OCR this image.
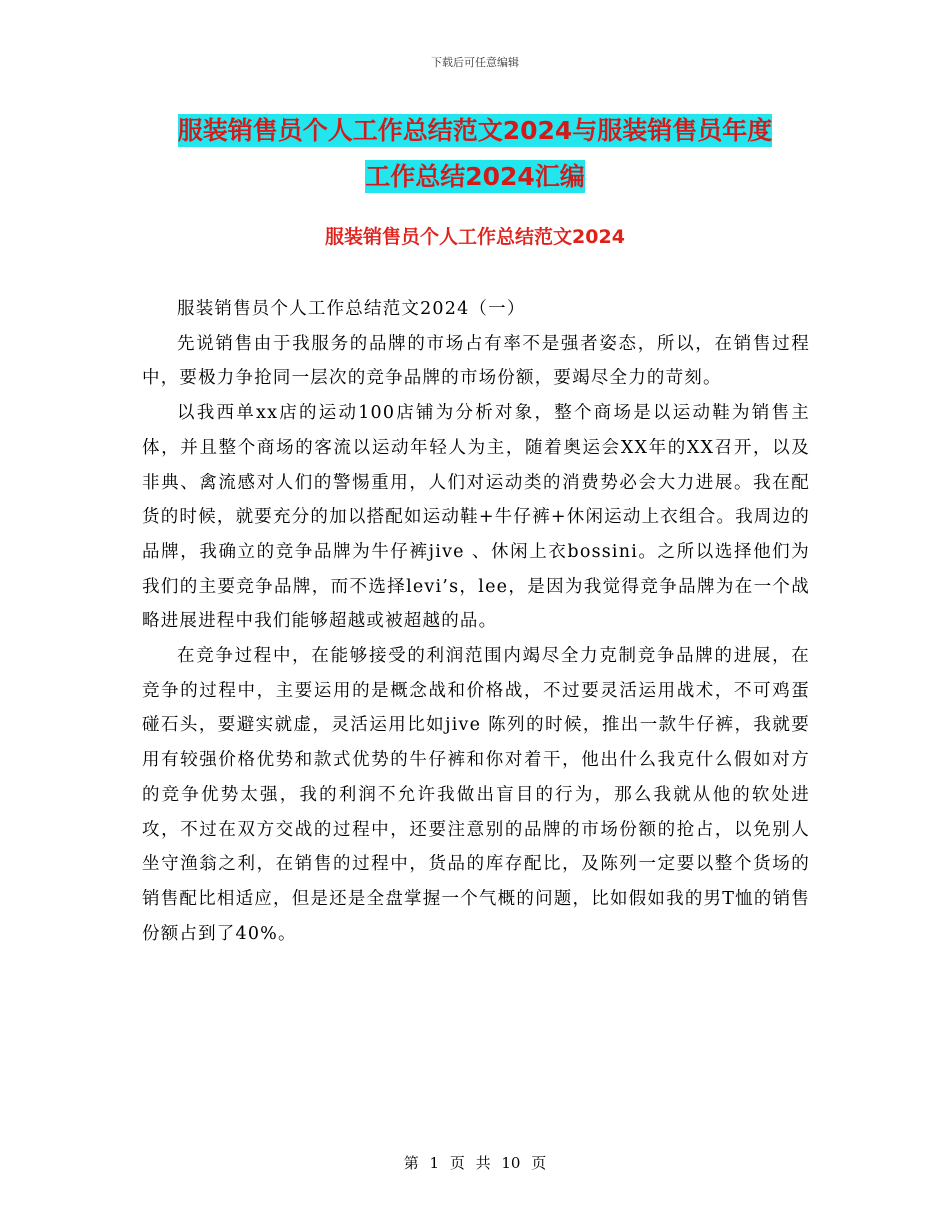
下载后可任意编辑
服装销售员个人工作总结范文2024与服装销售员年度
工作总结2024汇编
服装销售员个人工作总结范文2024

服装销售员个人工作总结范文2024（一）

先说销售由于我服务的品牌的市场占有率不是强者姿态，所以，在销售过程中，要极力争抢同一层次的竞争品牌的市场份额，要竭尽全力的苛刻。

以我西单xx店的运动100店铺为分析对象，整个商场是以运动鞋为销售主体，并且整个商场的客流以运动年轻人为主，随着奥运会XX年的XX召开，以及非典、禽流感对人们的警惕重用，人们对运动类的消费势必会大力进展。我在配货的时候，就要充分的加以搭配如运动鞋+牛仔裤+休闲运动上衣组合。我周边的品牌，我确立的竞争品牌为牛仔裤jive 、休闲上衣bossini。之所以选择他们为我们的主要竞争品牌，而不选择levi’s，lee，是因为我觉得竞争品牌为在一个战略进展进程中我们能够超越或被超越的品。

在竞争过程中，在能够接受的利润范围内竭尽全力克制竞争品牌的进展，在竞争的过程中，主要运用的是概念战和价格战，不过要灵活运用战术，不可鸡蛋碰石头，要避实就虚，灵活运用比如jive 陈列的时候，推出一款牛仔裤，我就要用有较强价格优势和款式优势的牛仔裤和你对着干，他出什么我克什么假如对方的竞争优势太强，我的利润不允许我做出盲目的行为，那么我就从他的软处进攻，不过在双方交战的过程中，还要注意别的品牌的市场份额的抢占，以免别人坐守渔翁之利，在销售的过程中，货品的库存配比，及陈列一定要以整个货场的销售配比相适应，但是还是全盘掌握一个气概的问题，比如假如我的男T恤的销售份额占到了40%。

第 1 页 共 10 页
